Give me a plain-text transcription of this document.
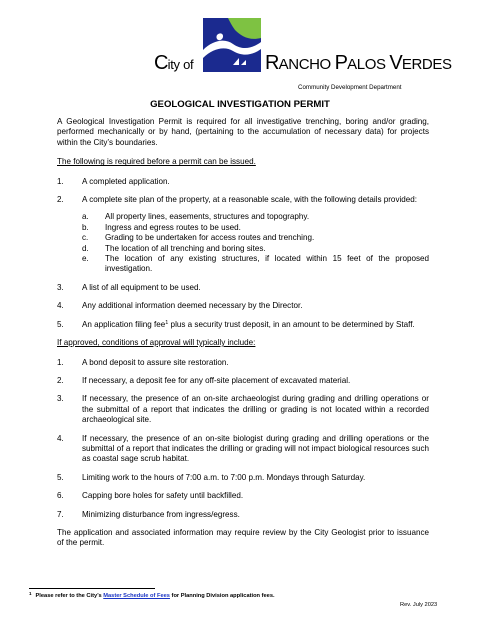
City of	RANCHO PALOS VERDES
Community Development Department
GEOLOGICAL INVESTIGATION PERMIT

A Geological Investigation Permit is required for all investigative trenching, boring and/or grading, performed mechanically or by hand, (pertaining to the accumulation of necessary data) for projects within the City’s boundaries.

The following is required before a permit can be issued.

1.	A completed application.
2.	A complete site plan of the property, at a reasonable scale, with the following details provided:
a.	All property lines, easements, structures and topography.
b.	Ingress and egress routes to be used.
c.	Grading to be undertaken for access routes and trenching.
d.	The location of all trenching and boring sites.
e.	The location of any existing structures, if located within 15 feet of the proposed investigation.
3.	A list of all equipment to be used.
4.	Any additional information deemed necessary by the Director.
5.	An application filing fee$^1$ plus a security trust deposit, in an amount to be determined by Staff.

If approved, conditions of approval will typically include:

1.	A bond deposit to assure site restoration.
2.	If necessary, a deposit fee for any off-site placement of excavated material.
3.	If necessary, the presence of an on-site archaeologist during grading and drilling operations or the submittal of a report that indicates the drilling or grading is not located within a recorded archaeological site.
4.	If necessary, the presence of an on-site biologist during grading and drilling operations or the submittal of a report that indicates the drilling or grading will not impact biological resources such as coastal sage scrub habitat.
5.	Limiting work to the hours of 7:00 a.m. to 7:00 p.m. Mondays through Saturday.
6.	Capping bore holes for safety until backfilled.
7.	Minimizing disturbance from ingress/egress.

The application and associated information may require review by the City Geologist prior to issuance of the permit.

$^1$ Please refer to the City’s Master Schedule of Fees for Planning Division application fees.
Rev. July 2023
